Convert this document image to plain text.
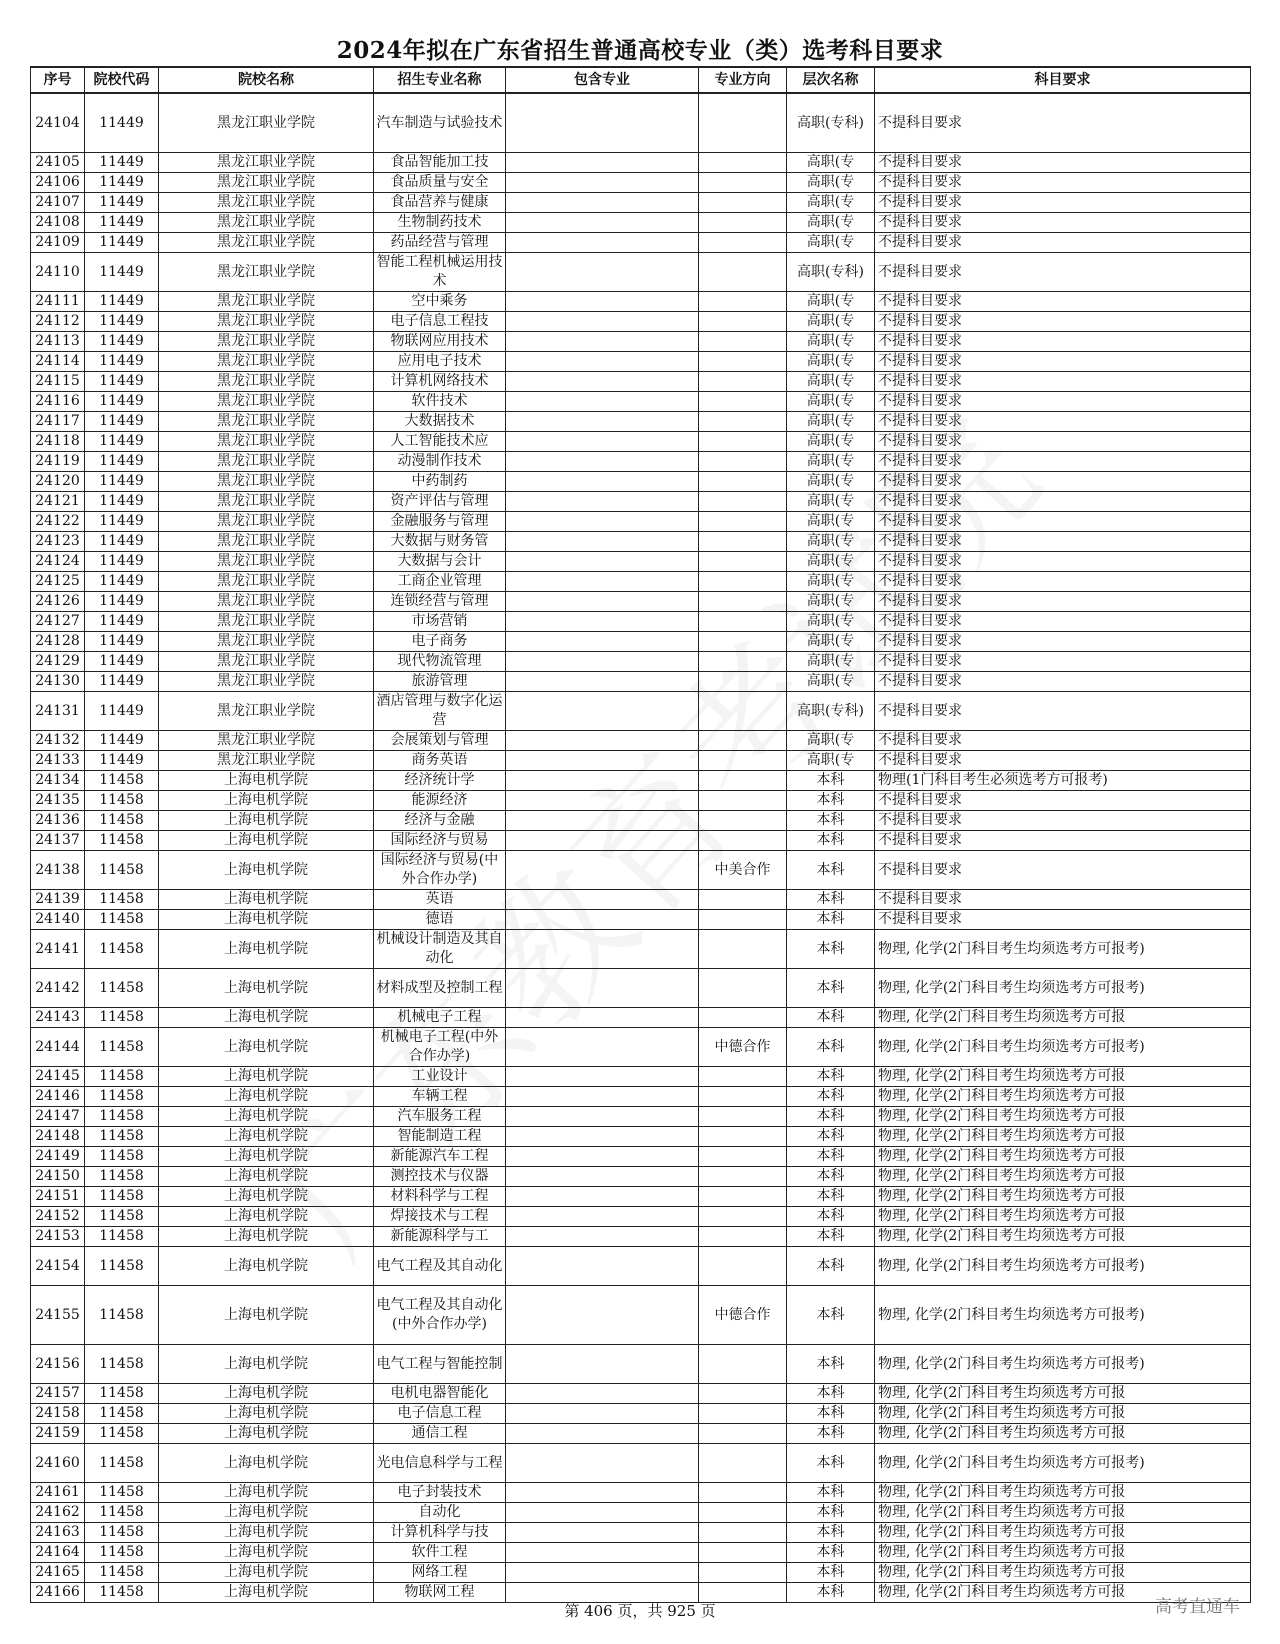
2024年拟在广东省招生普通高校专业（类）选考科目要求
序号	院校代码	院校名称	招生专业名称	包含专业	专业方向	层次名称	科目要求
24104	11449	黑龙江职业学院	汽车制造与试验技术			高职(专科)	不提科目要求
24105	11449	黑龙江职业学院	食品智能加工技			高职(专	不提科目要求
24106	11449	黑龙江职业学院	食品质量与安全			高职(专	不提科目要求
24107	11449	黑龙江职业学院	食品营养与健康			高职(专	不提科目要求
24108	11449	黑龙江职业学院	生物制药技术			高职(专	不提科目要求
24109	11449	黑龙江职业学院	药品经营与管理			高职(专	不提科目要求
24110	11449	黑龙江职业学院	智能工程机械运用技术			高职(专科)	不提科目要求
24111	11449	黑龙江职业学院	空中乘务			高职(专	不提科目要求
24112	11449	黑龙江职业学院	电子信息工程技			高职(专	不提科目要求
24113	11449	黑龙江职业学院	物联网应用技术			高职(专	不提科目要求
24114	11449	黑龙江职业学院	应用电子技术			高职(专	不提科目要求
24115	11449	黑龙江职业学院	计算机网络技术			高职(专	不提科目要求
24116	11449	黑龙江职业学院	软件技术			高职(专	不提科目要求
24117	11449	黑龙江职业学院	大数据技术			高职(专	不提科目要求
24118	11449	黑龙江职业学院	人工智能技术应			高职(专	不提科目要求
24119	11449	黑龙江职业学院	动漫制作技术			高职(专	不提科目要求
24120	11449	黑龙江职业学院	中药制药			高职(专	不提科目要求
24121	11449	黑龙江职业学院	资产评估与管理			高职(专	不提科目要求
24122	11449	黑龙江职业学院	金融服务与管理			高职(专	不提科目要求
24123	11449	黑龙江职业学院	大数据与财务管			高职(专	不提科目要求
24124	11449	黑龙江职业学院	大数据与会计			高职(专	不提科目要求
24125	11449	黑龙江职业学院	工商企业管理			高职(专	不提科目要求
24126	11449	黑龙江职业学院	连锁经营与管理			高职(专	不提科目要求
24127	11449	黑龙江职业学院	市场营销			高职(专	不提科目要求
24128	11449	黑龙江职业学院	电子商务			高职(专	不提科目要求
24129	11449	黑龙江职业学院	现代物流管理			高职(专	不提科目要求
24130	11449	黑龙江职业学院	旅游管理			高职(专	不提科目要求
24131	11449	黑龙江职业学院	酒店管理与数字化运营			高职(专科)	不提科目要求
24132	11449	黑龙江职业学院	会展策划与管理			高职(专	不提科目要求
24133	11449	黑龙江职业学院	商务英语			高职(专	不提科目要求
24134	11458	上海电机学院	经济统计学			本科	物理(1门科目考生必须选考方可报考)
24135	11458	上海电机学院	能源经济			本科	不提科目要求
24136	11458	上海电机学院	经济与金融			本科	不提科目要求
24137	11458	上海电机学院	国际经济与贸易			本科	不提科目要求
24138	11458	上海电机学院	国际经济与贸易(中外合作办学)		中美合作	本科	不提科目要求
24139	11458	上海电机学院	英语			本科	不提科目要求
24140	11458	上海电机学院	德语			本科	不提科目要求
24141	11458	上海电机学院	机械设计制造及其自动化			本科	物理, 化学(2门科目考生均须选考方可报考)
24142	11458	上海电机学院	材料成型及控制工程			本科	物理, 化学(2门科目考生均须选考方可报考)
24143	11458	上海电机学院	机械电子工程			本科	物理, 化学(2门科目考生均须选考方可报
24144	11458	上海电机学院	机械电子工程(中外合作办学)		中德合作	本科	物理, 化学(2门科目考生均须选考方可报考)
24145	11458	上海电机学院	工业设计			本科	物理, 化学(2门科目考生均须选考方可报
24146	11458	上海电机学院	车辆工程			本科	物理, 化学(2门科目考生均须选考方可报
24147	11458	上海电机学院	汽车服务工程			本科	物理, 化学(2门科目考生均须选考方可报
24148	11458	上海电机学院	智能制造工程			本科	物理, 化学(2门科目考生均须选考方可报
24149	11458	上海电机学院	新能源汽车工程			本科	物理, 化学(2门科目考生均须选考方可报
24150	11458	上海电机学院	测控技术与仪器			本科	物理, 化学(2门科目考生均须选考方可报
24151	11458	上海电机学院	材料科学与工程			本科	物理, 化学(2门科目考生均须选考方可报
24152	11458	上海电机学院	焊接技术与工程			本科	物理, 化学(2门科目考生均须选考方可报
24153	11458	上海电机学院	新能源科学与工			本科	物理, 化学(2门科目考生均须选考方可报
24154	11458	上海电机学院	电气工程及其自动化			本科	物理, 化学(2门科目考生均须选考方可报考)
24155	11458	上海电机学院	电气工程及其自动化(中外合作办学)		中德合作	本科	物理, 化学(2门科目考生均须选考方可报考)
24156	11458	上海电机学院	电气工程与智能控制			本科	物理, 化学(2门科目考生均须选考方可报考)
24157	11458	上海电机学院	电机电器智能化			本科	物理, 化学(2门科目考生均须选考方可报
24158	11458	上海电机学院	电子信息工程			本科	物理, 化学(2门科目考生均须选考方可报
24159	11458	上海电机学院	通信工程			本科	物理, 化学(2门科目考生均须选考方可报
24160	11458	上海电机学院	光电信息科学与工程			本科	物理, 化学(2门科目考生均须选考方可报考)
24161	11458	上海电机学院	电子封装技术			本科	物理, 化学(2门科目考生均须选考方可报
24162	11458	上海电机学院	自动化			本科	物理, 化学(2门科目考生均须选考方可报
24163	11458	上海电机学院	计算机科学与技			本科	物理, 化学(2门科目考生均须选考方可报
24164	11458	上海电机学院	软件工程			本科	物理, 化学(2门科目考生均须选考方可报
24165	11458	上海电机学院	网络工程			本科	物理, 化学(2门科目考生均须选考方可报
24166	11458	上海电机学院	物联网工程			本科	物理, 化学(2门科目考生均须选考方可报
第 406 页，共 925 页	高考直通车
